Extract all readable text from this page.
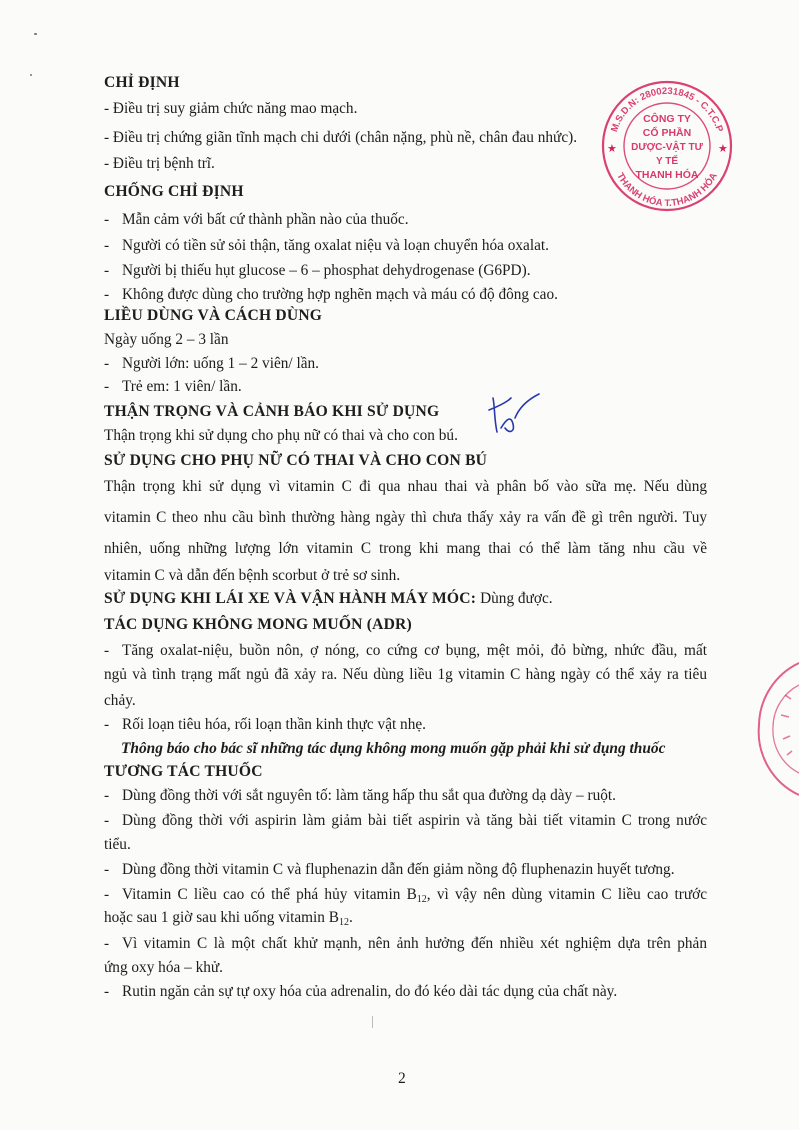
CHỈ ĐỊNH
- Điều trị suy giảm chức năng mao mạch.
- Điều trị chứng giãn tĩnh mạch chi dưới (chân nặng, phù nề, chân đau nhức).
- Điều trị bệnh trĩ.
CHỐNG CHỈ ĐỊNH
- Mẫn cảm với bất cứ thành phần nào của thuốc.
- Người có tiền sử sỏi thận, tăng oxalat niệu và loạn chuyển hóa oxalat.
- Người bị thiếu hụt glucose – 6 – phosphat dehydrogenase (G6PD).
- Không được dùng cho trường hợp nghẽn mạch và máu có độ đông cao.
LIỀU DÙNG VÀ CÁCH DÙNG
Ngày uống 2 – 3 lần
- Người lớn: uống 1 – 2 viên/ lần.
- Trẻ em: 1 viên/ lần.
THẬN TRỌNG VÀ CẢNH BÁO KHI SỬ DỤNG
Thận trọng khi sử dụng cho phụ nữ có thai và cho con bú.
SỬ DỤNG CHO PHỤ NỮ CÓ THAI VÀ CHO CON BÚ
Thận trọng khi sử dụng vì vitamin C đi qua nhau thai và phân bố vào sữa mẹ. Nếu dùng
vitamin C theo nhu cầu bình thường hàng ngày thì chưa thấy xảy ra vấn đề gì trên người. Tuy
nhiên, uống những lượng lớn vitamin C trong khi mang thai có thể làm tăng nhu cầu về
vitamin C và dẫn đến bệnh scorbut ở trẻ sơ sinh.
SỬ DỤNG KHI LÁI XE VÀ VẬN HÀNH MÁY MÓC: Dùng được.
TÁC DỤNG KHÔNG MONG MUỐN (ADR)
- Tăng oxalat-niệu, buồn nôn, ợ nóng, co cứng cơ bụng, mệt mỏi, đỏ bừng, nhức đầu, mất
ngủ và tình trạng mất ngủ đã xảy ra. Nếu dùng liều 1g vitamin C hàng ngày có thể xảy ra tiêu
chảy.
- Rối loạn tiêu hóa, rối loạn thần kinh thực vật nhẹ.
Thông báo cho bác sĩ những tác dụng không mong muốn gặp phải khi sử dụng thuốc
TƯƠNG TÁC THUỐC
- Dùng đồng thời với sắt nguyên tố: làm tăng hấp thu sắt qua đường dạ dày – ruột.
- Dùng đồng thời với aspirin làm giảm bài tiết aspirin và tăng bài tiết vitamin C trong nước
tiểu.
- Dùng đồng thời vitamin C và fluphenazin dẫn đến giảm nồng độ fluphenazin huyết tương.
- Vitamin C liều cao có thể phá hủy vitamin $B_{12}$, vì vậy nên dùng vitamin C liều cao trước
hoặc sau 1 giờ sau khi uống vitamin $B_{12}$.
- Vì vitamin C là một chất khử mạnh, nên ảnh hưởng đến nhiều xét nghiệm dựa trên phản
ứng oxy hóa – khử.
- Rutin ngăn cản sự tự oxy hóa của adrenalin, do đó kéo dài tác dụng của chất này.
2
M.S.D.N: 2800231845 - C.T.C.P
THANH HÓA T.THANH HÓA
★	★
CÔNG TY
CỔ PHẦN
DƯỢC-VẬT TƯ
Y TẾ
THANH HÓA
